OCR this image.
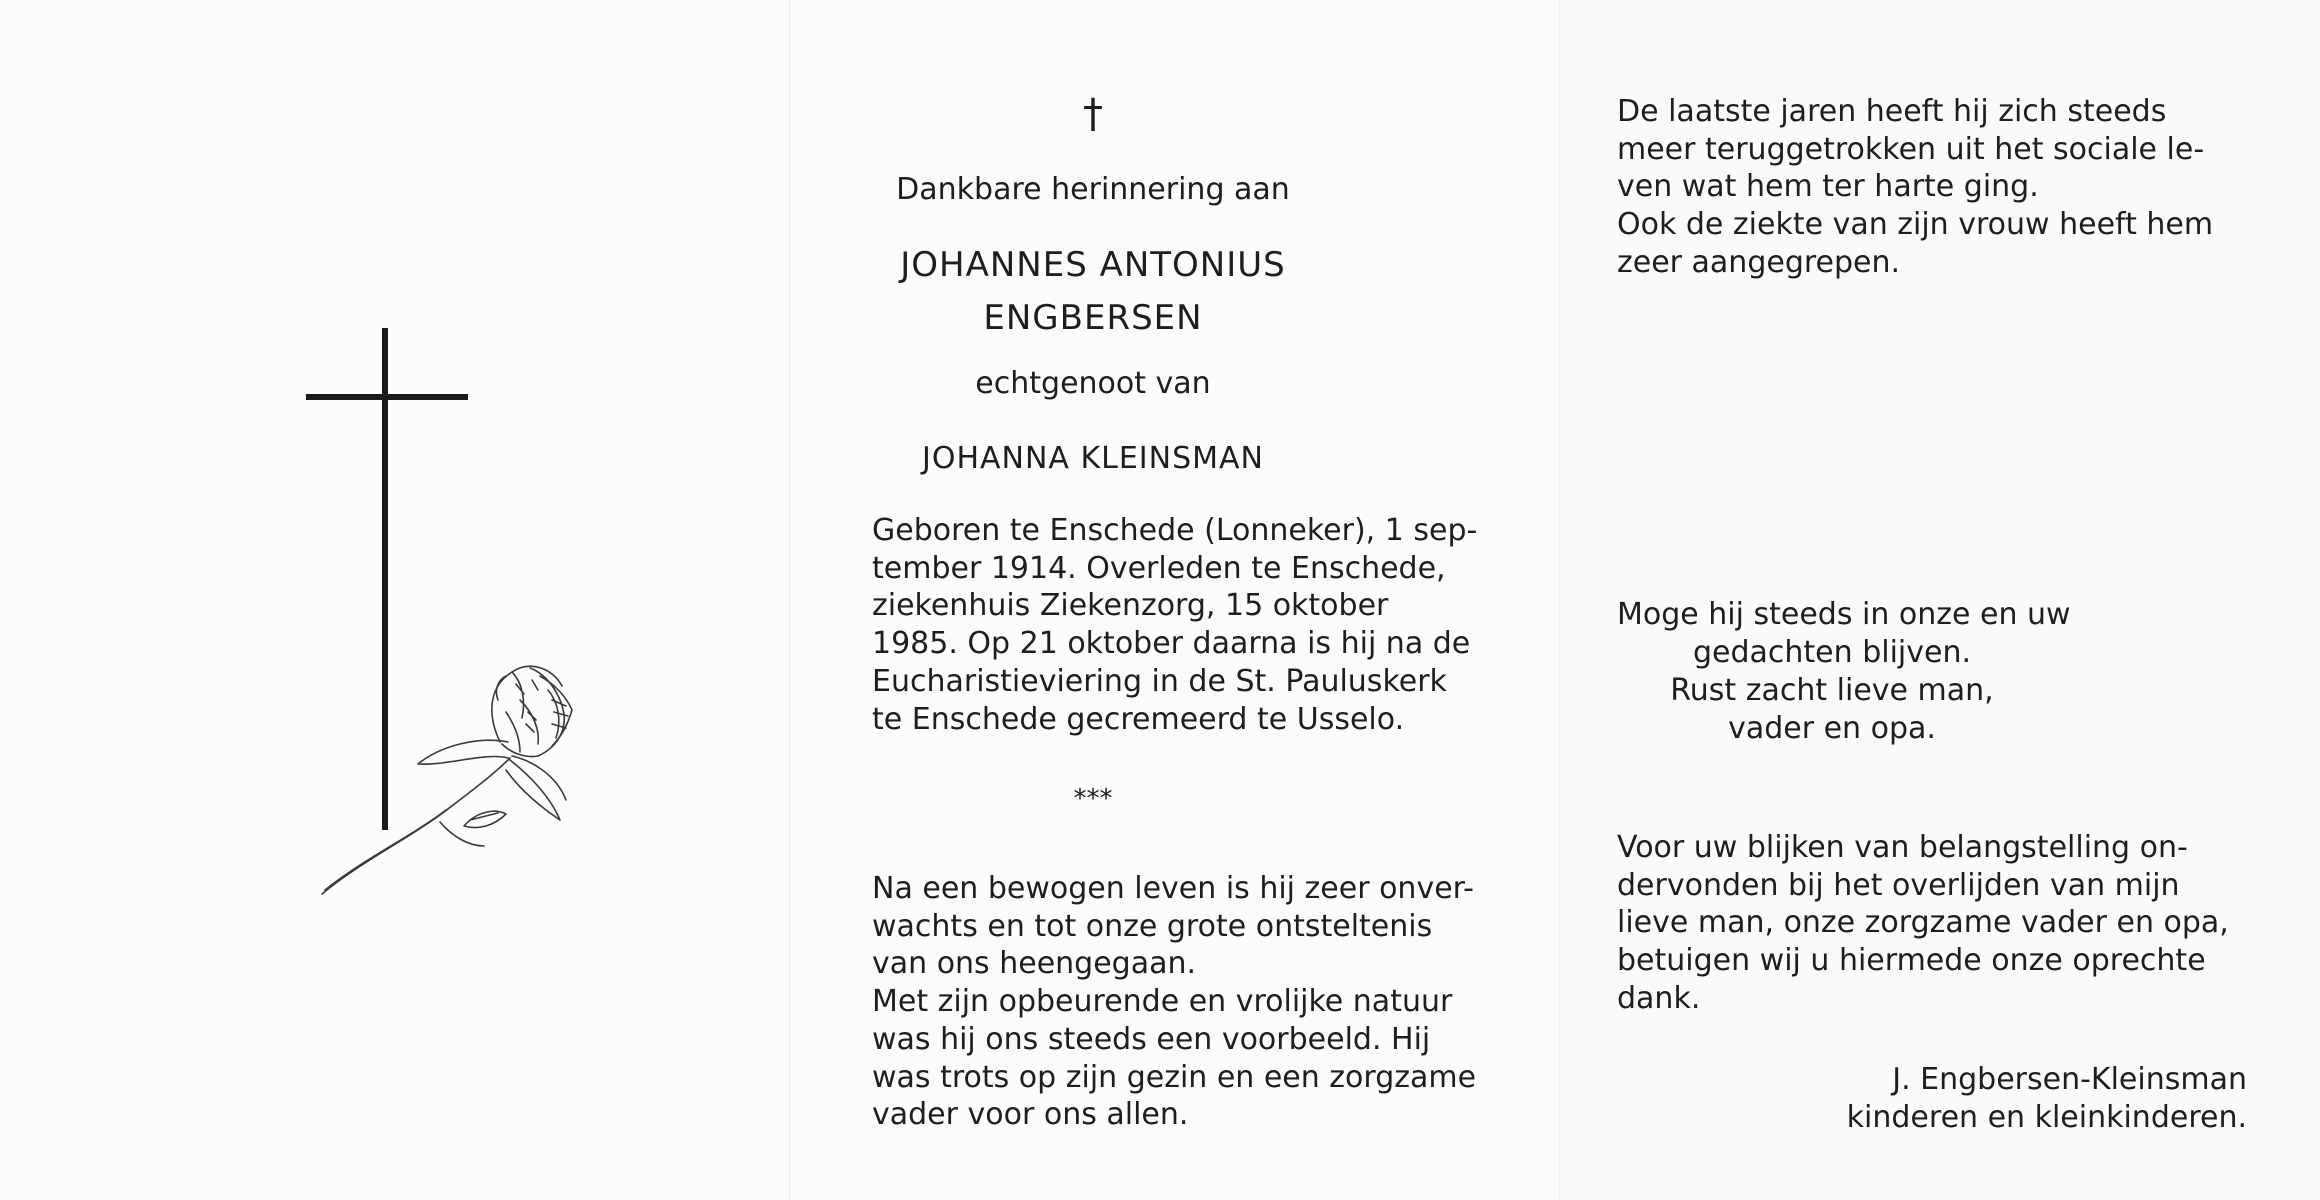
†
Dankbare herinnering aan
JOHANNES ANTONIUS
ENGBERSEN
echtgenoot van
JOHANNA KLEINSMAN
Geboren te Enschede (Lonneker), 1 sep-
tember 1914. Overleden te Enschede,
ziekenhuis Ziekenzorg, 15 oktober
1985. Op 21 oktober daarna is hij na de
Eucharistieviering in de St. Pauluskerk
te Enschede gecremeerd te Usselo.
***
Na een bewogen leven is hij zeer onver-
wachts en tot onze grote ontsteltenis
van ons heengegaan.
Met zijn opbeurende en vrolijke natuur
was hij ons steeds een voorbeeld. Hij
was trots op zijn gezin en een zorgzame
vader voor ons allen.
De laatste jaren heeft hij zich steeds
meer teruggetrokken uit het sociale le-
ven wat hem ter harte ging.
Ook de ziekte van zijn vrouw heeft hem
zeer aangegrepen.
Moge hij steeds in onze en uw
gedachten blijven.
Rust zacht lieve man,
vader en opa.
Voor uw blijken van belangstelling on-
dervonden bij het overlijden van mijn
lieve man, onze zorgzame vader en opa,
betuigen wij u hiermede onze oprechte
dank.
J. Engbersen-Kleinsman
kinderen en kleinkinderen.
